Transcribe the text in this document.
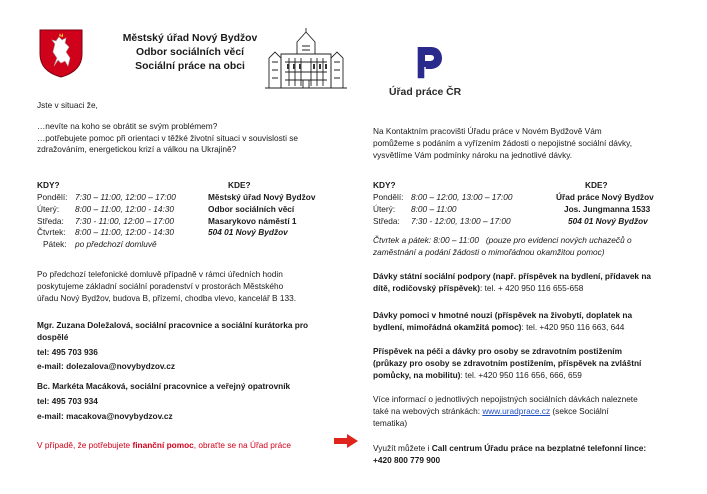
Městský úřad Nový Bydžov
Odbor sociálních věcí
Sociální práce na obci
Úřad práce ČR
Jste v situaci že,
…nevíte na koho se obrátit se svým problémem?
…potřebujete pomoc při orientaci v těžké životní situaci v souvislosti se
zdražováním, energetickou krizí a válkou na Ukrajině?
KDY?	KDE?
Pondělí: 7:30 – 11:00, 12:00 – 17:00
Úterý: 8:00 – 11:00, 12:00 - 14:30
Středa: 7:30 - 11:00, 12:00 – 17:00
Čtvrtek: 8:00 – 11:00, 12:00 - 14:30
Pátek: po předchozí domluvě
Městský úřad Nový Bydžov
Odbor sociálních věcí
Masarykovo náměstí 1
504 01 Nový Bydžov
Po předchozí telefonické domluvě případně v rámci úředních hodin
poskytujeme základní sociální poradenství v prostorách Městského
úřadu Nový Bydžov, budova B, přízemí, chodba vlevo, kancelář B 133.
Mgr. Zuzana Doležalová, sociální pracovnice a sociální kurátorka pro
dospělé
tel: 495 703 936
e-mail: dolezalova@novybydzov.cz
Bc. Markéta Macáková, sociální pracovnice a veřejný opatrovník
tel: 495 703 934
e-mail: macakova@novybydzov.cz
V případě, že potřebujete finanční pomoc, obraťte se na Úřad práce
Na Kontaktním pracovišti Úřadu práce v Novém Bydžově Vám
pomůžeme s podáním a vyřízením žádosti o nepojistné sociální dávky,
vysvětlíme Vám podmínky nároku na jednotlivé dávky.
KDY?	KDE?
Pondělí: 8:00 – 12:00, 13:00 – 17:00
Úterý: 8:00 – 11:00
Středa: 7:30 - 12:00, 13:00 – 17:00
Úřad práce Nový Bydžov
Jos. Jungmanna 1533
504 01 Nový Bydžov
Čtvrtek a pátek: 8:00 – 11:00 (pouze pro evidenci nových uchazečů o
zaměstnání a podání žádosti o mimořádnou okamžitou pomoc)
Dávky státní sociální podpory (např. příspěvek na bydlení, přídavek na
dítě, rodičovský příspěvek): tel. + 420 950 116 655-658
Dávky pomoci v hmotné nouzi (příspěvek na živobytí, doplatek na
bydlení, mimořádná okamžitá pomoc): tel. +420 950 116 663, 644
Příspěvek na péči a dávky pro osoby se zdravotním postižením
(průkazy pro osoby se zdravotním postižením, příspěvek na zvláštní
pomůcky, na mobilitu): tel. +420 950 116 656, 666, 659
Více informací o jednotlivých nepojistných sociálních dávkách naleznete
také na webových stránkách: www.uradprace.cz (sekce Sociální
tematika)
Využít můžete i Call centrum Úřadu práce na bezplatné telefonní lince:
+420 800 779 900
